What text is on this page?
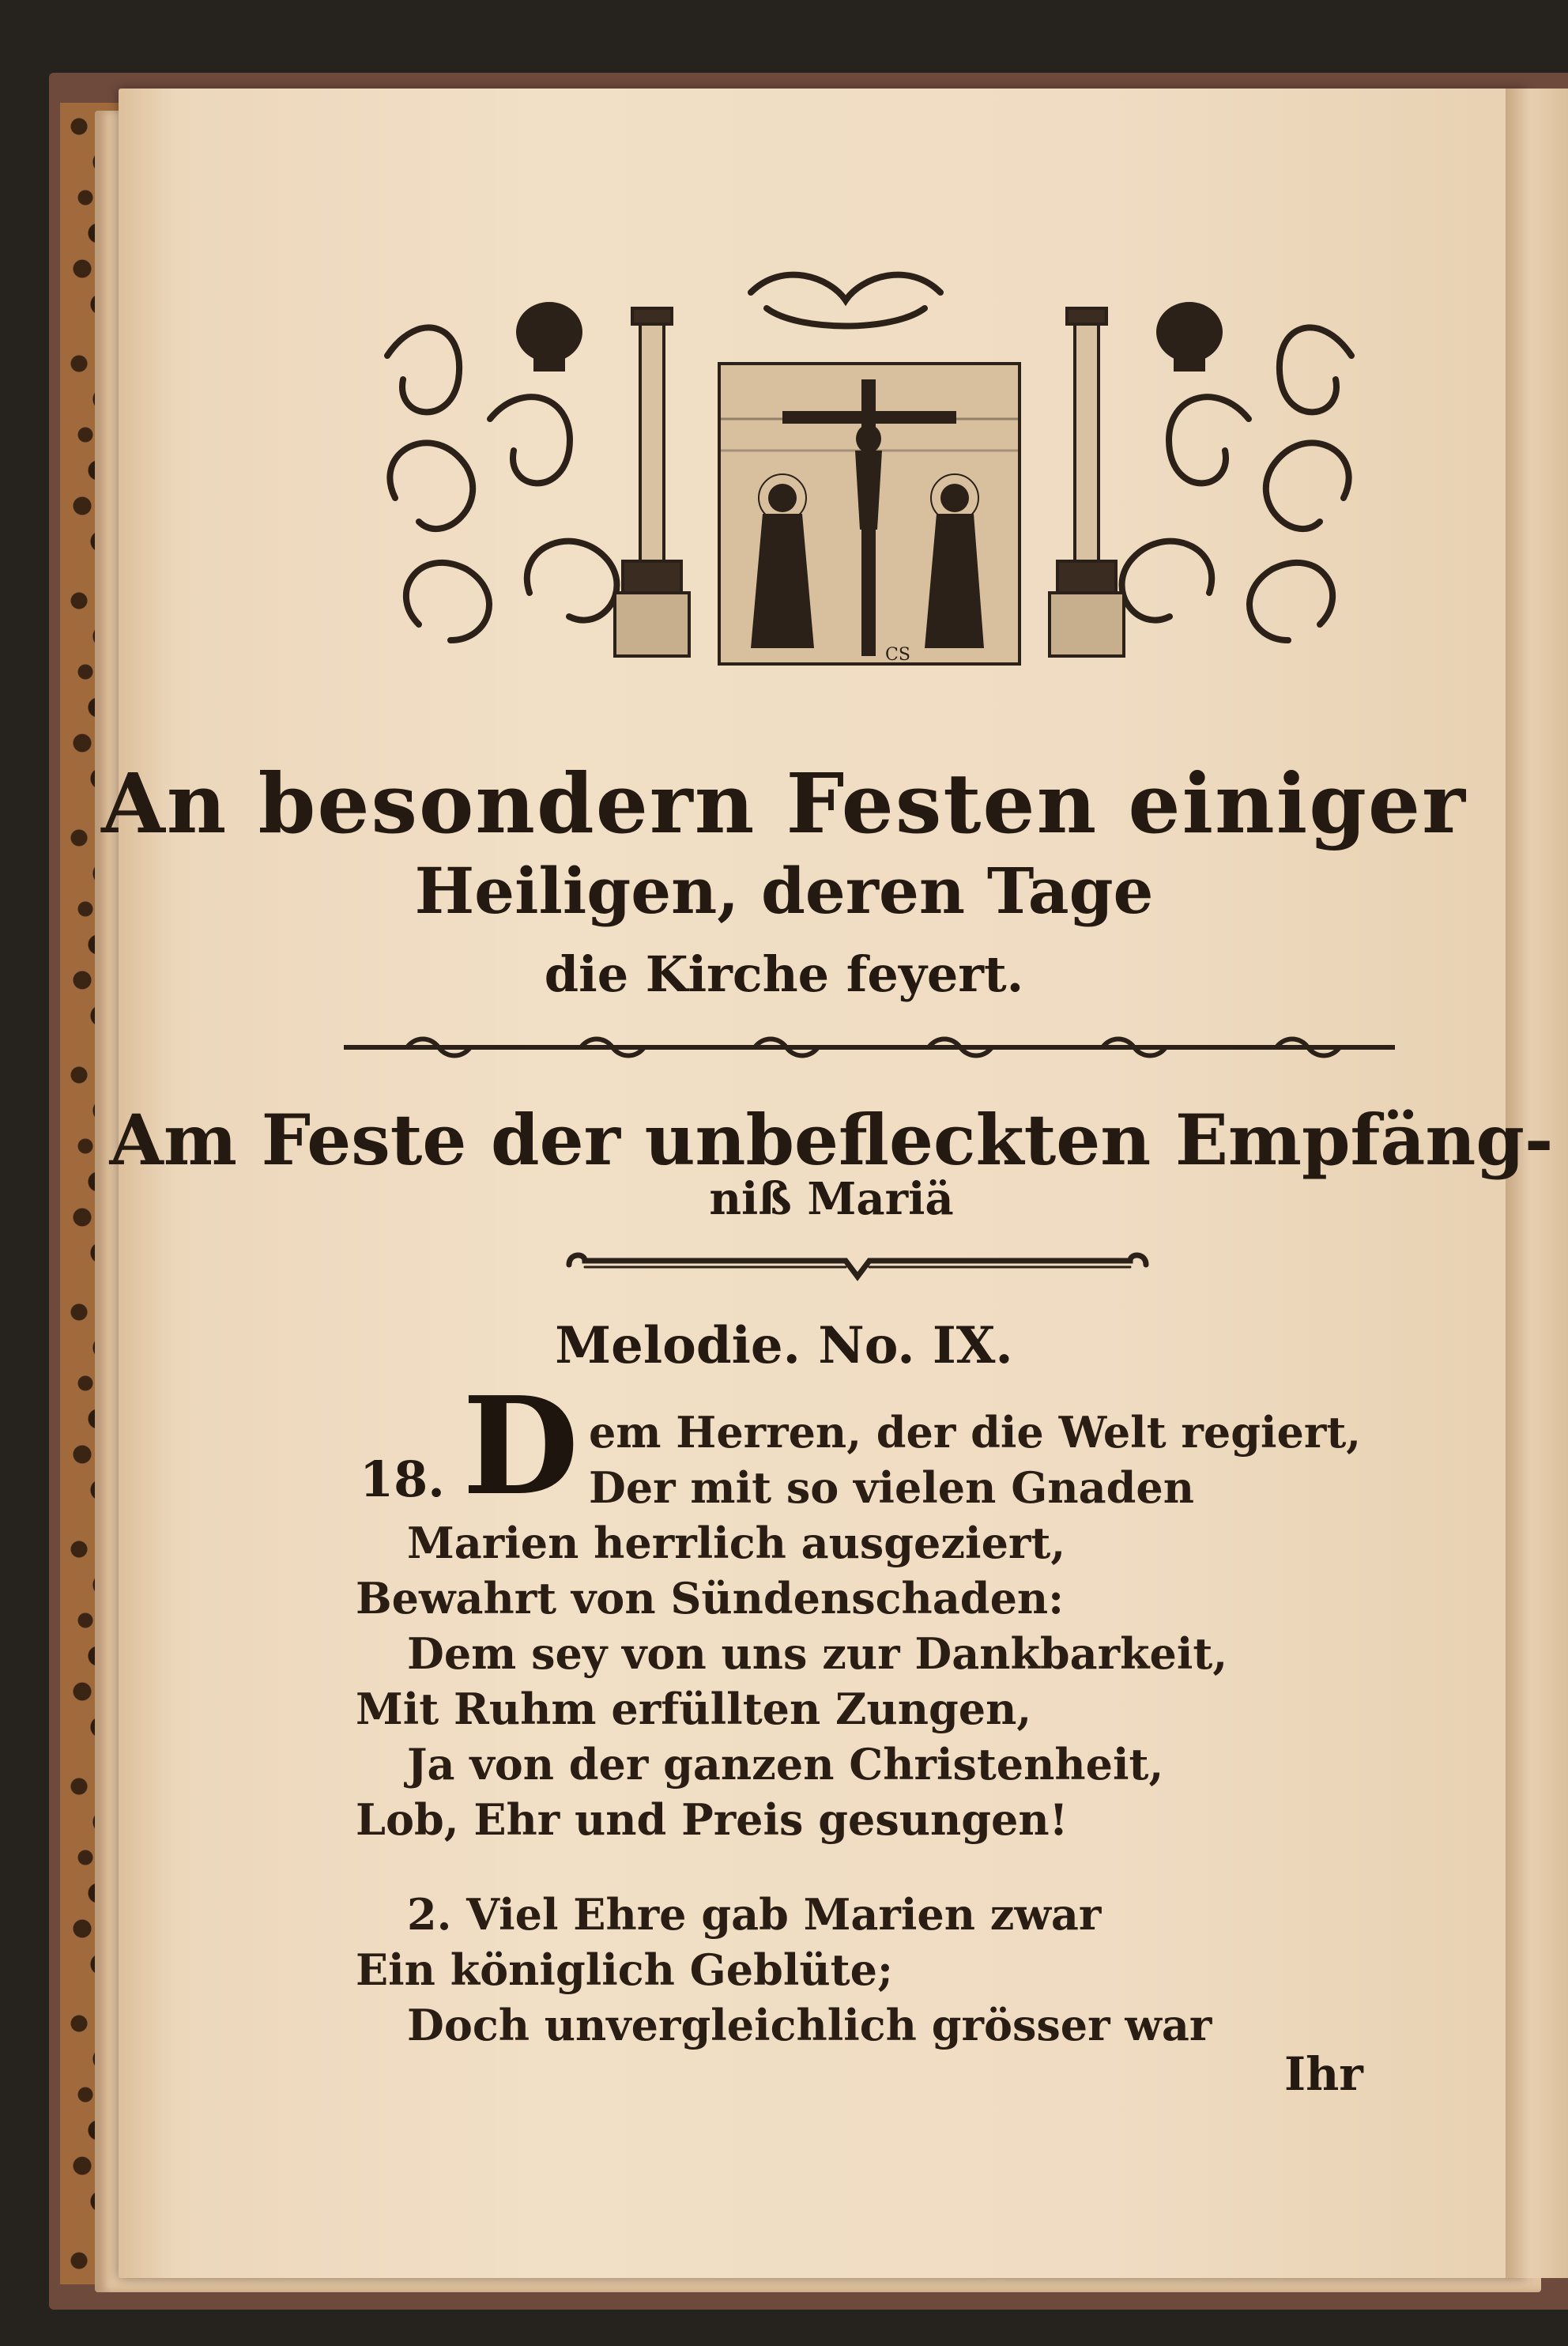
CS
An besondern Festen einiger
Heiligen, deren Tage
die Kirche feyert.
Am Feste der unbefleckten Empfäng-
niß Mariä
Melodie. No. IX.
18. D em Herren, der die Welt regiert,
Der mit so vielen Gnaden
Marien herrlich ausgeziert,
Bewahrt von Sündenschaden:
Dem sey von uns zur Dankbarkeit,
Mit Ruhm erfüllten Zungen,
Ja von der ganzen Christenheit,
Lob, Ehr und Preis gesungen!
2. Viel Ehre gab Marien zwar
Ein königlich Geblüte;
Doch unvergleichlich grösser war
Ihr
